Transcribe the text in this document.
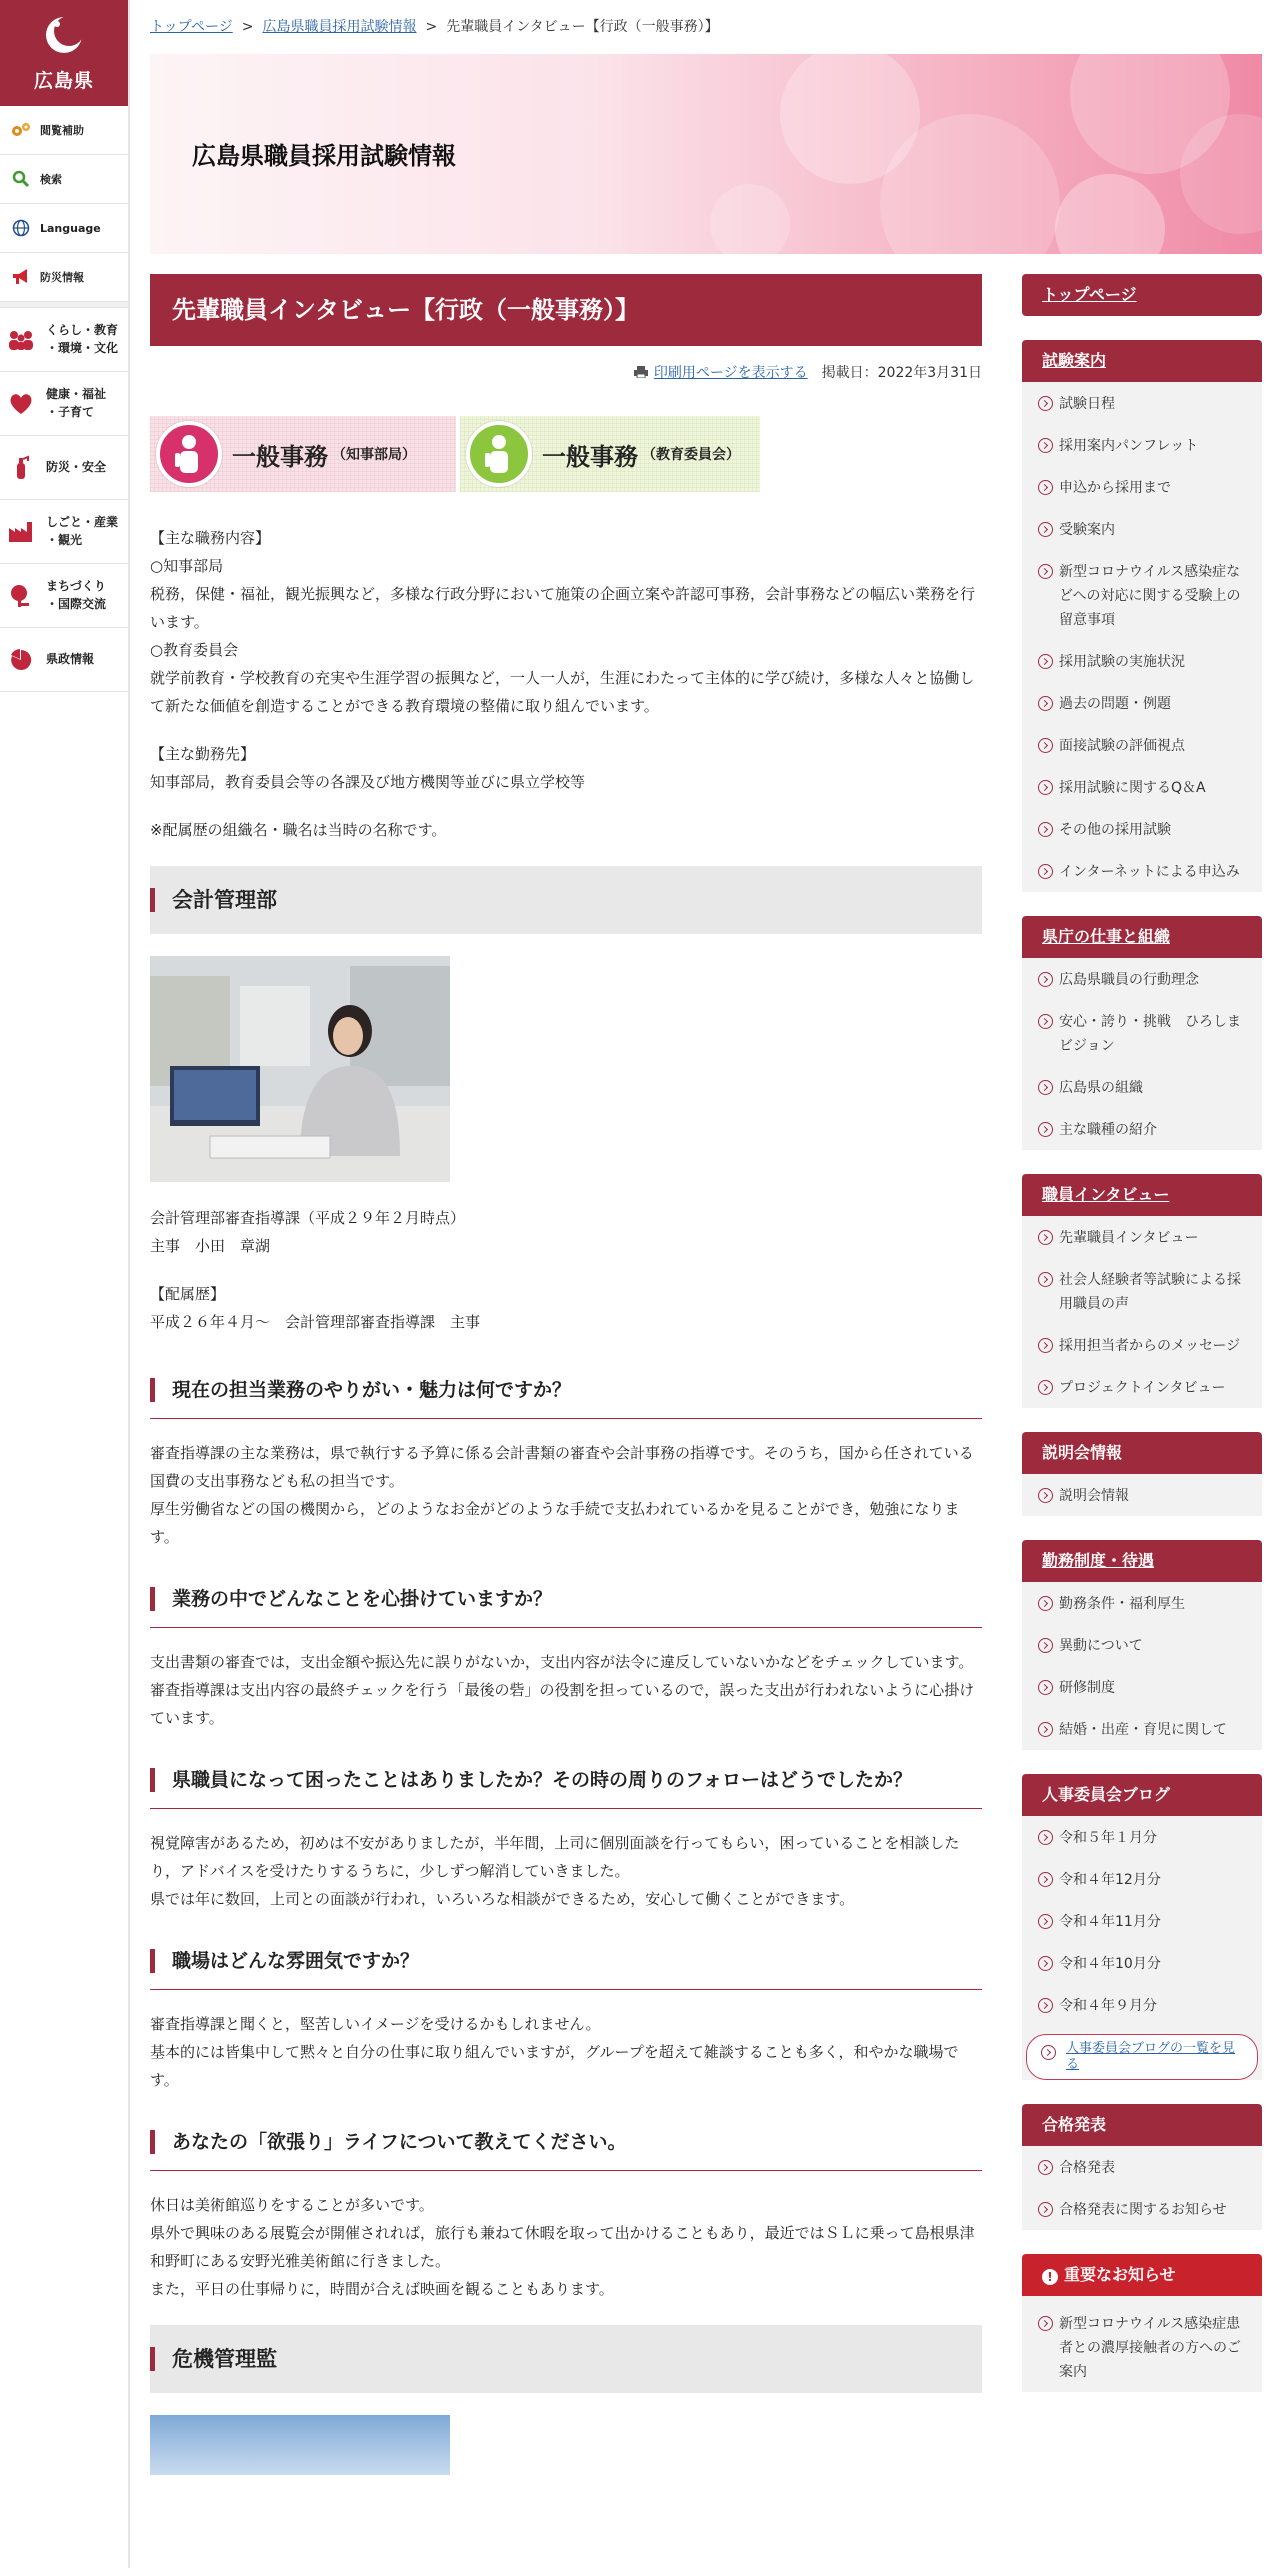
広島県
閲覧補助
検索
Language
防災情報
くらし・教育
・環境・文化
健康・福祉
・子育て
防災・安全
しごと・産業
・観光
まちづくり
・国際交流
県政情報
トップページ > 広島県職員採用試験情報 > 先輩職員インタビュー【行政（一般事務）】
広島県職員採用試験情報
先輩職員インタビュー【行政（一般事務）】
印刷用ページを表示する 掲載日：2022年3月31日
一般事務 （知事部局）	一般事務 （教育委員会）
【主な職務内容】
○知事部局
税務，保健・福祉，観光振興など，多様な行政分野において施策の企画立案や許認可事務，会計事務などの幅広い業務を行います。
○教育委員会
就学前教育・学校教育の充実や生涯学習の振興など，一人一人が，生涯にわたって主体的に学び続け，多様な人々と協働して新たな価値を創造することができる教育環境の整備に取り組んでいます。
【主な勤務先】
知事部局，教育委員会等の各課及び地方機関等並びに県立学校等
※配属歴の組織名・職名は当時の名称です。
会計管理部
会計管理部審査指導課（平成２９年２月時点）
主事　小田　章湖
【配属歴】
平成２６年４月～　会計管理部審査指導課　主事
現在の担当業務のやりがい・魅力は何ですか？
審査指導課の主な業務は，県で執行する予算に係る会計書類の審査や会計事務の指導です。そのうち，国から任されている国費の支出事務なども私の担当です。
厚生労働省などの国の機関から，どのようなお金がどのような手続で支払われているかを見ることができ，勉強になります。
業務の中でどんなことを心掛けていますか？
支出書類の審査では，支出金額や振込先に誤りがないか，支出内容が法令に違反していないかなどをチェックしています。
審査指導課は支出内容の最終チェックを行う「最後の砦」の役割を担っているので，誤った支出が行われないように心掛けています。
県職員になって困ったことはありましたか？その時の周りのフォローはどうでしたか？
視覚障害があるため，初めは不安がありましたが，半年間，上司に個別面談を行ってもらい，困っていることを相談したり，アドバイスを受けたりするうちに，少しずつ解消していきました。
県では年に数回，上司との面談が行われ，いろいろな相談ができるため，安心して働くことができます。
職場はどんな雰囲気ですか？
審査指導課と聞くと，堅苦しいイメージを受けるかもしれません。
基本的には皆集中して黙々と自分の仕事に取り組んでいますが，グループを超えて雑談することも多く，和やかな職場です。
あなたの「欲張り」ライフについて教えてください。
休日は美術館巡りをすることが多いです。
県外で興味のある展覧会が開催されれば，旅行も兼ねて休暇を取って出かけることもあり，最近ではＳＬに乗って島根県津和野町にある安野光雅美術館に行きました。
また，平日の仕事帰りに，時間が合えば映画を観ることもあります。
危機管理監
トップページ
試験案内
試験日程
採用案内パンフレット
申込から採用まで
受験案内
新型コロナウイルス感染症などへの対応に関する受験上の留意事項
採用試験の実施状況
過去の問題・例題
面接試験の評価視点
採用試験に関するQ＆A
その他の採用試験
インターネットによる申込み
県庁の仕事と組織
広島県職員の行動理念
安心・誇り・挑戦　ひろしまビジョン
広島県の組織
主な職種の紹介
職員インタビュー
先輩職員インタビュー
社会人経験者等試験による採用職員の声
採用担当者からのメッセージ
プロジェクトインタビュー
説明会情報
説明会情報
勤務制度・待遇
勤務条件・福利厚生
異動について
研修制度
結婚・出産・育児に関して
人事委員会ブログ
令和５年１月分
令和４年12月分
令和４年11月分
令和４年10月分
令和４年９月分
人事委員会ブログの一覧を見る
合格発表
合格発表
合格発表に関するお知らせ
! 重要なお知らせ
新型コロナウイルス感染症患者との濃厚接触者の方へのご案内
